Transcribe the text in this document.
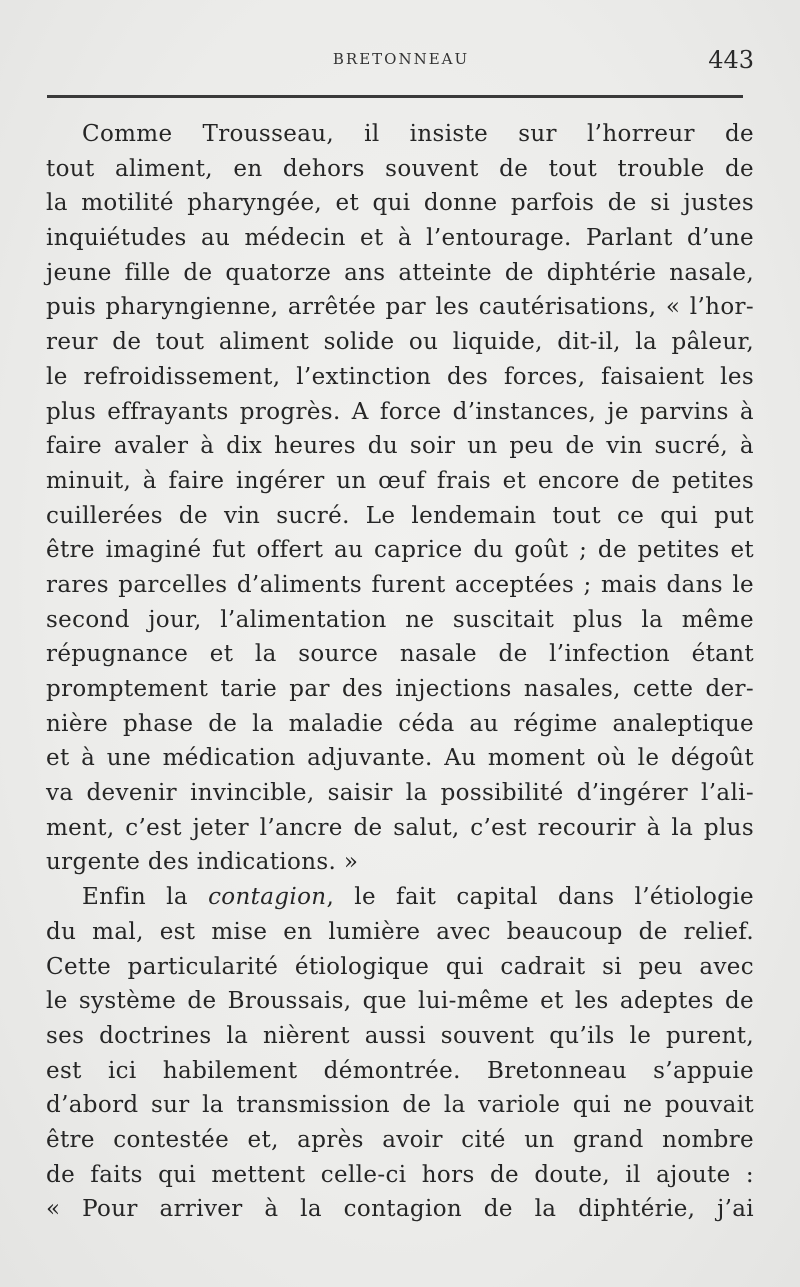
BRETONNEAU	443
Comme Trousseau, il insiste sur l’horreur de
tout aliment, en dehors souvent de tout trouble de
la motilité pharyngée, et qui donne parfois de si justes
inquiétudes au médecin et à l’entourage. Parlant d’une
jeune fille de quatorze ans atteinte de diphtérie nasale,
puis pharyngienne, arrêtée par les cautérisations, « l’hor-
reur de tout aliment solide ou liquide, dit-il, la pâleur,
le refroidissement, l’extinction des forces, faisaient les
plus effrayants progrès. A force d’instances, je parvins à
faire avaler à dix heures du soir un peu de vin sucré, à
minuit, à faire ingérer un œuf frais et encore de petites
cuillerées de vin sucré. Le lendemain tout ce qui put
être imaginé fut offert au caprice du goût ; de petites et
rares parcelles d’aliments furent acceptées ; mais dans le
second jour, l’alimentation ne suscitait plus la même
répugnance et la source nasale de l’infection étant
promptement tarie par des injections nasales, cette der-
nière phase de la maladie céda au régime analeptique
et à une médication adjuvante. Au moment où le dégoût
va devenir invincible, saisir la possibilité d’ingérer l’ali-
ment, c’est jeter l’ancre de salut, c’est recourir à la plus
urgente des indications. »
Enfin la contagion, le fait capital dans l’étiologie
du mal, est mise en lumière avec beaucoup de relief.
Cette particularité étiologique qui cadrait si peu avec
le système de Broussais, que lui-même et les adeptes de
ses doctrines la nièrent aussi souvent qu’ils le purent,
est ici habilement démontrée. Bretonneau s’appuie
d’abord sur la transmission de la variole qui ne pouvait
être contestée et, après avoir cité un grand nombre
de faits qui mettent celle-ci hors de doute, il ajoute :
« Pour arriver à la contagion de la diphtérie, j’ai
